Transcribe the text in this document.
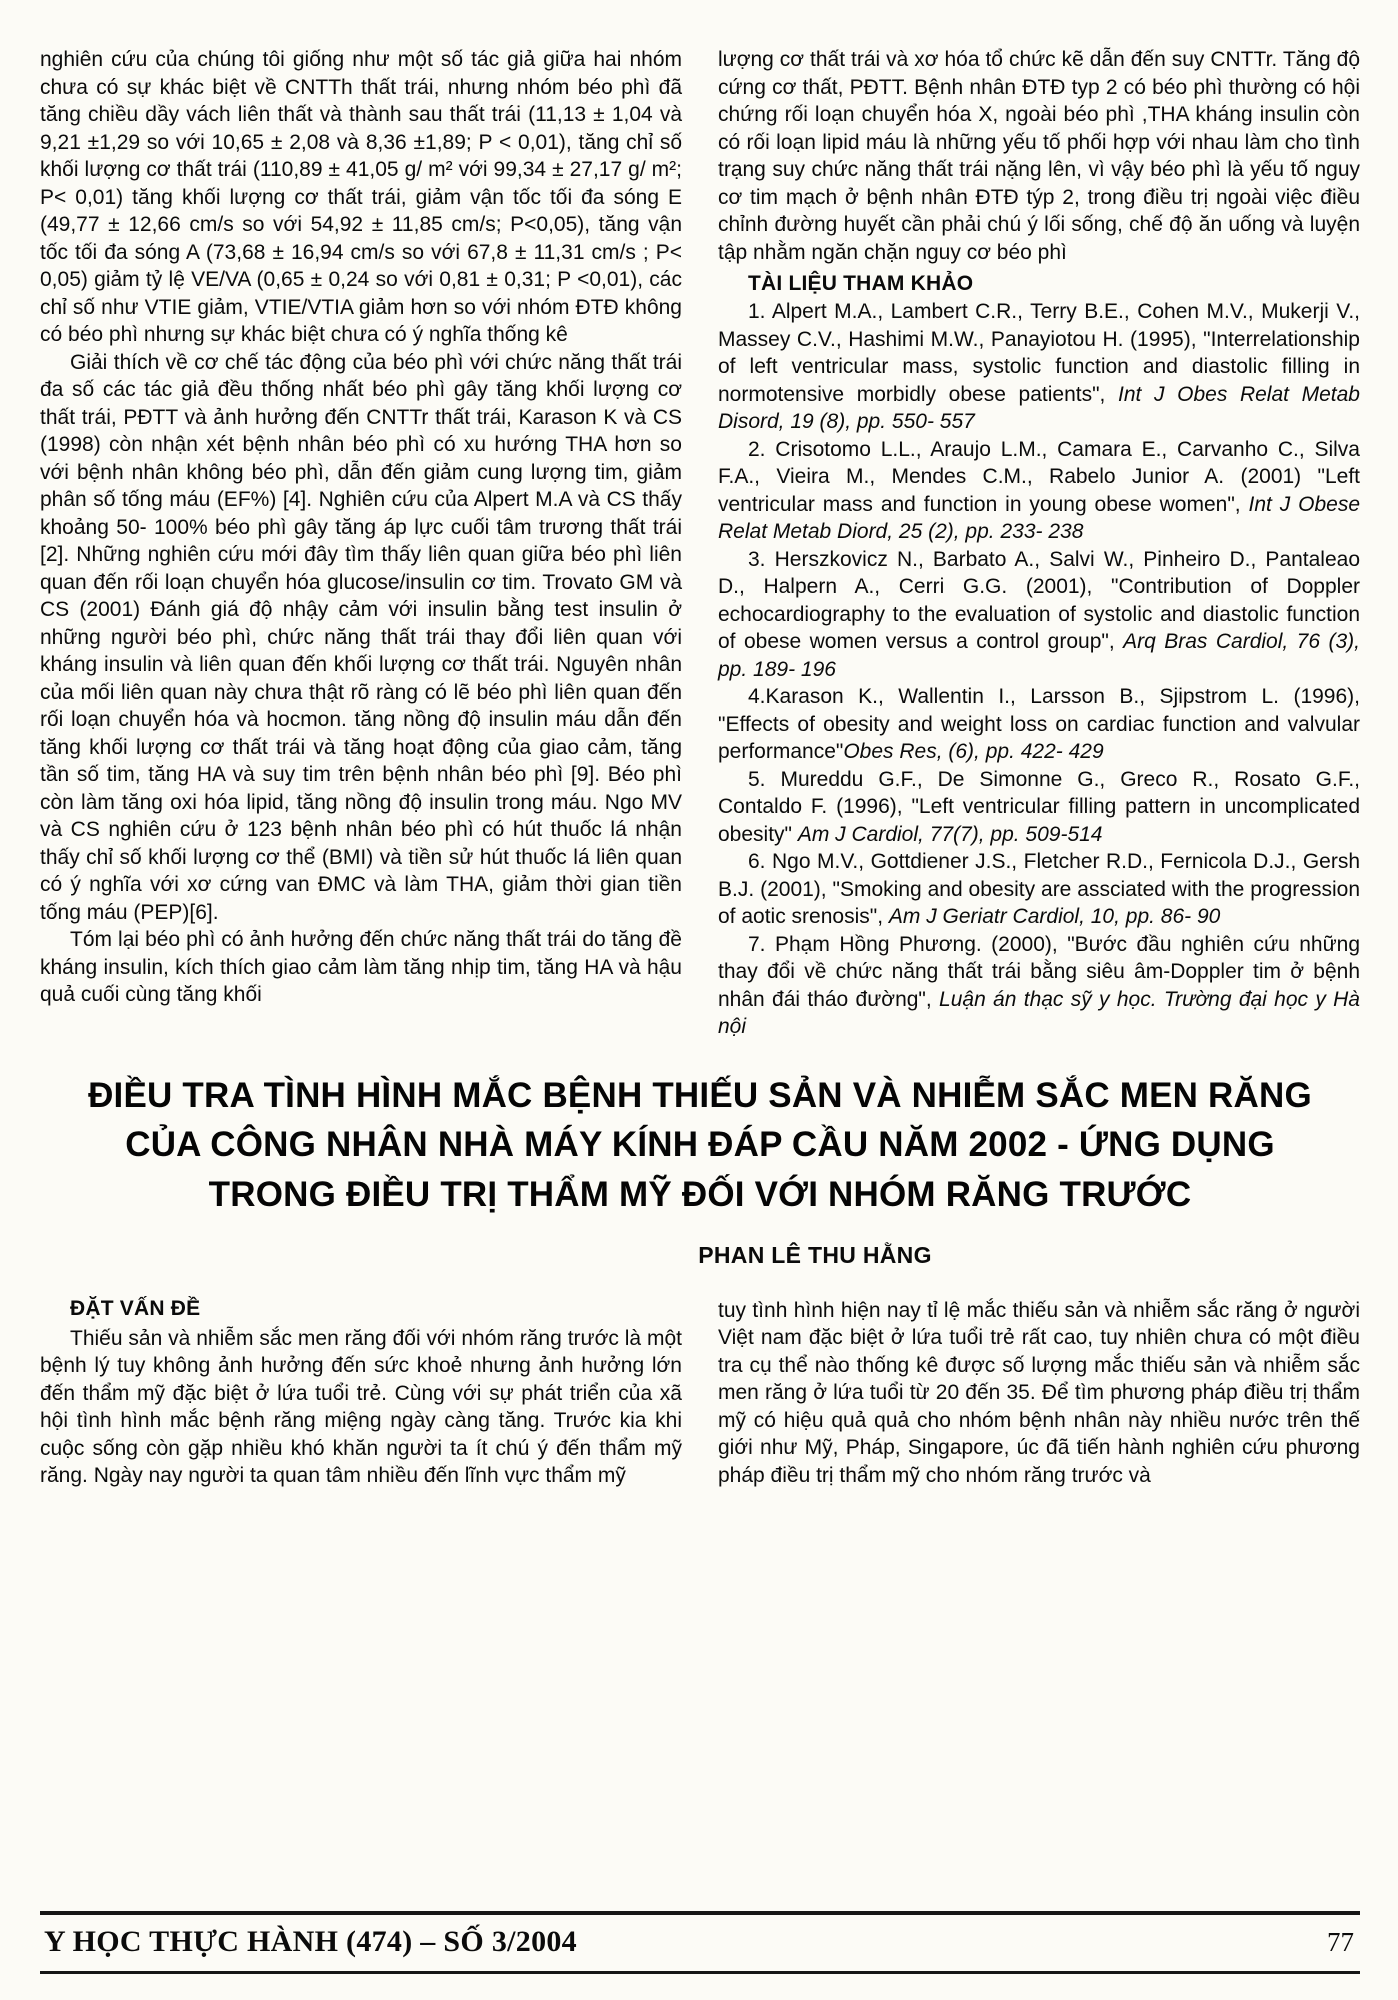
nghiên cứu của chúng tôi giống như một số tác giả giữa hai nhóm chưa có sự khác biệt về CNTTh thất trái, nhưng nhóm béo phì đã tăng chiều dầy vách liên thất và thành sau thất trái (11,13 ± 1,04 và 9,21 ±1,29 so với 10,65 ± 2,08 và 8,36 ±1,89; P < 0,01), tăng chỉ số khối lượng cơ thất trái (110,89 ± 41,05 g/ m² với 99,34 ± 27,17 g/ m²; P< 0,01) tăng khối lượng cơ thất trái, giảm vận tốc tối đa sóng E (49,77 ± 12,66 cm/s so với 54,92 ± 11,85 cm/s; P<0,05), tăng vận tốc tối đa sóng A (73,68 ± 16,94 cm/s so với 67,8 ± 11,31 cm/s ; P< 0,05) giảm tỷ lệ VE/VA (0,65 ± 0,24 so với 0,81 ± 0,31; P <0,01), các chỉ số như VTIE giảm, VTIE/VTIA giảm hơn so với nhóm ĐTĐ không có béo phì nhưng sự khác biệt chưa có ý nghĩa thống kê

Giải thích về cơ chế tác động của béo phì với chức năng thất trái đa số các tác giả đều thống nhất béo phì gây tăng khối lượng cơ thất trái, PĐTT và ảnh hưởng đến CNTTr thất trái, Karason K và CS (1998) còn nhận xét bệnh nhân béo phì có xu hướng THA hơn so với bệnh nhân không béo phì, dẫn đến giảm cung lượng tim, giảm phân số tống máu (EF%) [4]. Nghiên cứu của Alpert M.A và CS thấy khoảng 50- 100% béo phì gây tăng áp lực cuối tâm trương thất trái [2]. Những nghiên cứu mới đây tìm thấy liên quan giữa béo phì liên quan đến rối loạn chuyển hóa glucose/insulin cơ tim. Trovato GM và CS (2001) Đánh giá độ nhậy cảm với insulin bằng test insulin ở những người béo phì, chức năng thất trái thay đổi liên quan với kháng insulin và liên quan đến khối lượng cơ thất trái. Nguyên nhân của mối liên quan này chưa thật rõ ràng có lẽ béo phì liên quan đến rối loạn chuyển hóa và hocmon. tăng nồng độ insulin máu dẫn đến tăng khối lượng cơ thất trái và tăng hoạt động của giao cảm, tăng tần số tim, tăng HA và suy tim trên bệnh nhân béo phì [9]. Béo phì còn làm tăng oxi hóa lipid, tăng nồng độ insulin trong máu. Ngo MV và CS nghiên cứu ở 123 bệnh nhân béo phì có hút thuốc lá nhận thấy chỉ số khối lượng cơ thể (BMI) và tiền sử hút thuốc lá liên quan có ý nghĩa với xơ cứng van ĐMC và làm THA, giảm thời gian tiền tống máu (PEP)[6].

Tóm lại béo phì có ảnh hưởng đến chức năng thất trái do tăng đề kháng insulin, kích thích giao cảm làm tăng nhịp tim, tăng HA và hậu quả cuối cùng tăng khối

lượng cơ thất trái và xơ hóa tổ chức kẽ dẫn đến suy CNTTr. Tăng độ cứng cơ thất, PĐTT. Bệnh nhân ĐTĐ typ 2 có béo phì thường có hội chứng rối loạn chuyển hóa X, ngoài béo phì ,THA kháng insulin còn có rối loạn lipid máu là những yếu tố phối hợp với nhau làm cho tình trạng suy chức năng thất trái nặng lên, vì vậy béo phì là yếu tố nguy cơ tim mạch ở bệnh nhân ĐTĐ týp 2, trong điều trị ngoài việc điều chỉnh đường huyết cần phải chú ý lối sống, chế độ ăn uống và luyện tập nhằm ngăn chặn nguy cơ béo phì

TÀI LIỆU THAM KHẢO

1. Alpert M.A., Lambert C.R., Terry B.E., Cohen M.V., Mukerji V., Massey C.V., Hashimi M.W., Panayiotou H. (1995), "Interrelationship of left ventricular mass, systolic function and diastolic filling in normotensive morbidly obese patients", Int J Obes Relat Metab Disord, 19 (8), pp. 550- 557

2. Crisotomo L.L., Araujo L.M., Camara E., Carvanho C., Silva F.A., Vieira M., Mendes C.M., Rabelo Junior A. (2001) "Left ventricular mass and function in young obese women", Int J Obese Relat Metab Diord, 25 (2), pp. 233- 238

3. Herszkovicz N., Barbato A., Salvi W., Pinheiro D., Pantaleao D., Halpern A., Cerri G.G. (2001), "Contribution of Doppler echocardiography to the evaluation of systolic and diastolic function of obese women versus a control group", Arq Bras Cardiol, 76 (3), pp. 189- 196

4.Karason K., Wallentin I., Larsson B., Sjipstrom L. (1996), "Effects of obesity and weight loss on cardiac function and valvular performance"Obes Res, (6), pp. 422- 429

5. Mureddu G.F., De Simonne G., Greco R., Rosato G.F., Contaldo F. (1996), "Left ventricular filling pattern in uncomplicated obesity" Am J Cardiol, 77(7), pp. 509-514

6. Ngo M.V., Gottdiener J.S., Fletcher R.D., Fernicola D.J., Gersh B.J. (2001), "Smoking and obesity are assciated with the progression of aotic srenosis", Am J Geriatr Cardiol, 10, pp. 86- 90

7. Phạm Hồng Phương. (2000), "Bước đầu nghiên cứu những thay đổi về chức năng thất trái bằng siêu âm-Doppler tim ở bệnh nhân đái tháo đường", Luận án thạc sỹ y học. Trường đại học y Hà nội

ĐIỀU TRA TÌNH HÌNH MẮC BỆNH THIẾU SẢN VÀ NHIỄM SẮC MEN RĂNG
CỦA CÔNG NHÂN NHÀ MÁY KÍNH ĐÁP CẦU NĂM 2002 - ỨNG DỤNG
TRONG ĐIỀU TRỊ THẨM MỸ ĐỐI VỚI NHÓM RĂNG TRƯỚC
PHAN LÊ THU HẰNG
ĐẶT VẤN ĐỀ

Thiếu sản và nhiễm sắc men răng đối với nhóm răng trước là một bệnh lý tuy không ảnh hưởng đến sức khoẻ nhưng ảnh hưởng lớn đến thẩm mỹ đặc biệt ở lứa tuổi trẻ. Cùng với sự phát triển của xã hội tình hình mắc bệnh răng miệng ngày càng tăng. Trước kia khi cuộc sống còn gặp nhiều khó khăn người ta ít chú ý đến thẩm mỹ răng. Ngày nay người ta quan tâm nhiều đến lĩnh vực thẩm mỹ

tuy tình hình hiện nay tỉ lệ mắc thiếu sản và nhiễm sắc răng ở người Việt nam đặc biệt ở lứa tuổi trẻ rất cao, tuy nhiên chưa có một điều tra cụ thể nào thống kê được số lượng mắc thiếu sản và nhiễm sắc men răng ở lứa tuổi từ 20 đến 35. Để tìm phương pháp điều trị thẩm mỹ có hiệu quả quả cho nhóm bệnh nhân này nhiều nước trên thế giới như Mỹ, Pháp, Singapore, úc đã tiến hành nghiên cứu phương pháp điều trị thẩm mỹ cho nhóm răng trước và

Y HỌC THỰC HÀNH (474) – SỐ 3/2004	77
